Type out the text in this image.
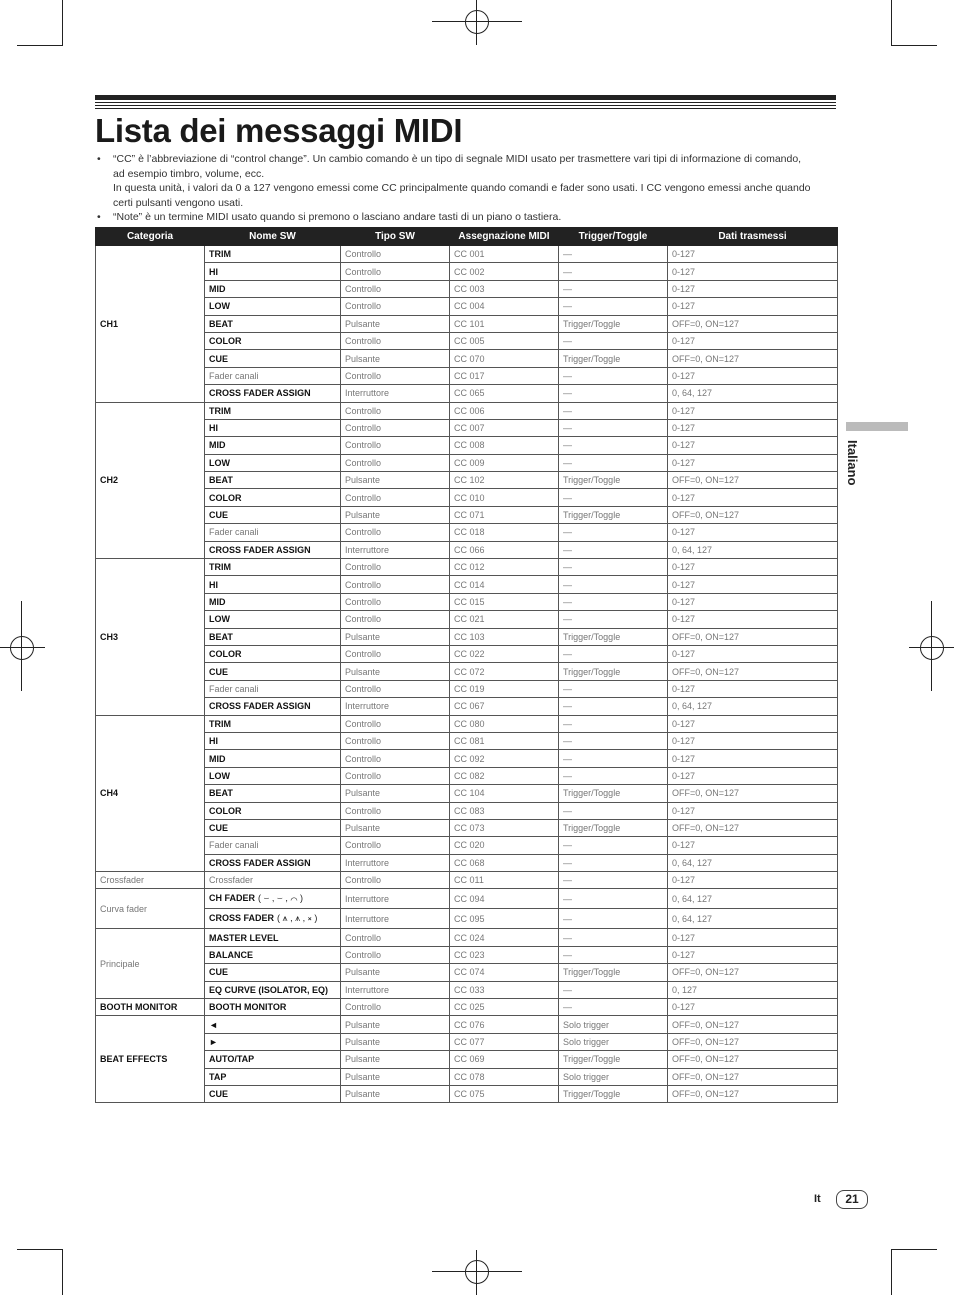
Lista dei messaggi MIDI
• “CC” è l’abbreviazione di “control change”. Un cambio comando è un tipo di segnale MIDI usato per trasmettere vari tipi di informazione di comando, ad esempio timbro, volume, ecc.
In questa unità, i valori da 0 a 127 vengono emessi come CC principalmente quando comandi e fader sono usati. I CC vengono emessi anche quando certi pulsanti vengono usati.
• “Note” è un termine MIDI usato quando si premono o lasciano andare tasti di un piano o tastiera.
Italiano
Categoria	Nome SW	Tipo SW	Assegnazione MIDI	Trigger/Toggle	Dati trasmessi
CH1	TRIM	Controllo	CC 001	—	0-127
	HI	Controllo	CC 002	—	0-127
	MID	Controllo	CC 003	—	0-127
	LOW	Controllo	CC 004	—	0-127
	BEAT	Pulsante	CC 101	Trigger/Toggle	OFF=0, ON=127
	COLOR	Controllo	CC 005	—	0-127
	CUE	Pulsante	CC 070	Trigger/Toggle	OFF=0, ON=127
	Fader canali	Controllo	CC 017	—	0-127
	CROSS FADER ASSIGN	Interruttore	CC 065	—	0, 64, 127
CH2	TRIM	Controllo	CC 006	—	0-127
	HI	Controllo	CC 007	—	0-127
	MID	Controllo	CC 008	—	0-127
	LOW	Controllo	CC 009	—	0-127
	BEAT	Pulsante	CC 102	Trigger/Toggle	OFF=0, ON=127
	COLOR	Controllo	CC 010	—	0-127
	CUE	Pulsante	CC 071	Trigger/Toggle	OFF=0, ON=127
	Fader canali	Controllo	CC 018	—	0-127
	CROSS FADER ASSIGN	Interruttore	CC 066	—	0, 64, 127
CH3	TRIM	Controllo	CC 012	—	0-127
	HI	Controllo	CC 014	—	0-127
	MID	Controllo	CC 015	—	0-127
	LOW	Controllo	CC 021	—	0-127
	BEAT	Pulsante	CC 103	Trigger/Toggle	OFF=0, ON=127
	COLOR	Controllo	CC 022	—	0-127
	CUE	Pulsante	CC 072	Trigger/Toggle	OFF=0, ON=127
	Fader canali	Controllo	CC 019	—	0-127
	CROSS FADER ASSIGN	Interruttore	CC 067	—	0, 64, 127
CH4	TRIM	Controllo	CC 080	—	0-127
	HI	Controllo	CC 081	—	0-127
	MID	Controllo	CC 092	—	0-127
	LOW	Controllo	CC 082	—	0-127
	BEAT	Pulsante	CC 104	Trigger/Toggle	OFF=0, ON=127
	COLOR	Controllo	CC 083	—	0-127
	CUE	Pulsante	CC 073	Trigger/Toggle	OFF=0, ON=127
	Fader canali	Controllo	CC 020	—	0-127
	CROSS FADER ASSIGN	Interruttore	CC 068	—	0, 64, 127
Crossfader	Crossfader	Controllo	CC 011	—	0-127
Curva fader	CH FADER ( ⌣ , ⌣ , ⌒ )	Interruttore	CC 094	—	0, 64, 127
	CROSS FADER ( ⩚ , ⩚ , ⨯ )	Interruttore	CC 095	—	0, 64, 127
Principale	MASTER LEVEL	Controllo	CC 024	—	0-127
	BALANCE	Controllo	CC 023	—	0-127
	CUE	Pulsante	CC 074	Trigger/Toggle	OFF=0, ON=127
	EQ CURVE (ISOLATOR, EQ)	Interruttore	CC 033	—	0, 127
BOOTH MONITOR	BOOTH MONITOR	Controllo	CC 025	—	0-127
BEAT EFFECTS	◄	Pulsante	CC 076	Solo trigger	OFF=0, ON=127
	►	Pulsante	CC 077	Solo trigger	OFF=0, ON=127
	AUTO/TAP	Pulsante	CC 069	Trigger/Toggle	OFF=0, ON=127
	TAP	Pulsante	CC 078	Solo trigger	OFF=0, ON=127
	CUE	Pulsante	CC 075	Trigger/Toggle	OFF=0, ON=127
It	21
